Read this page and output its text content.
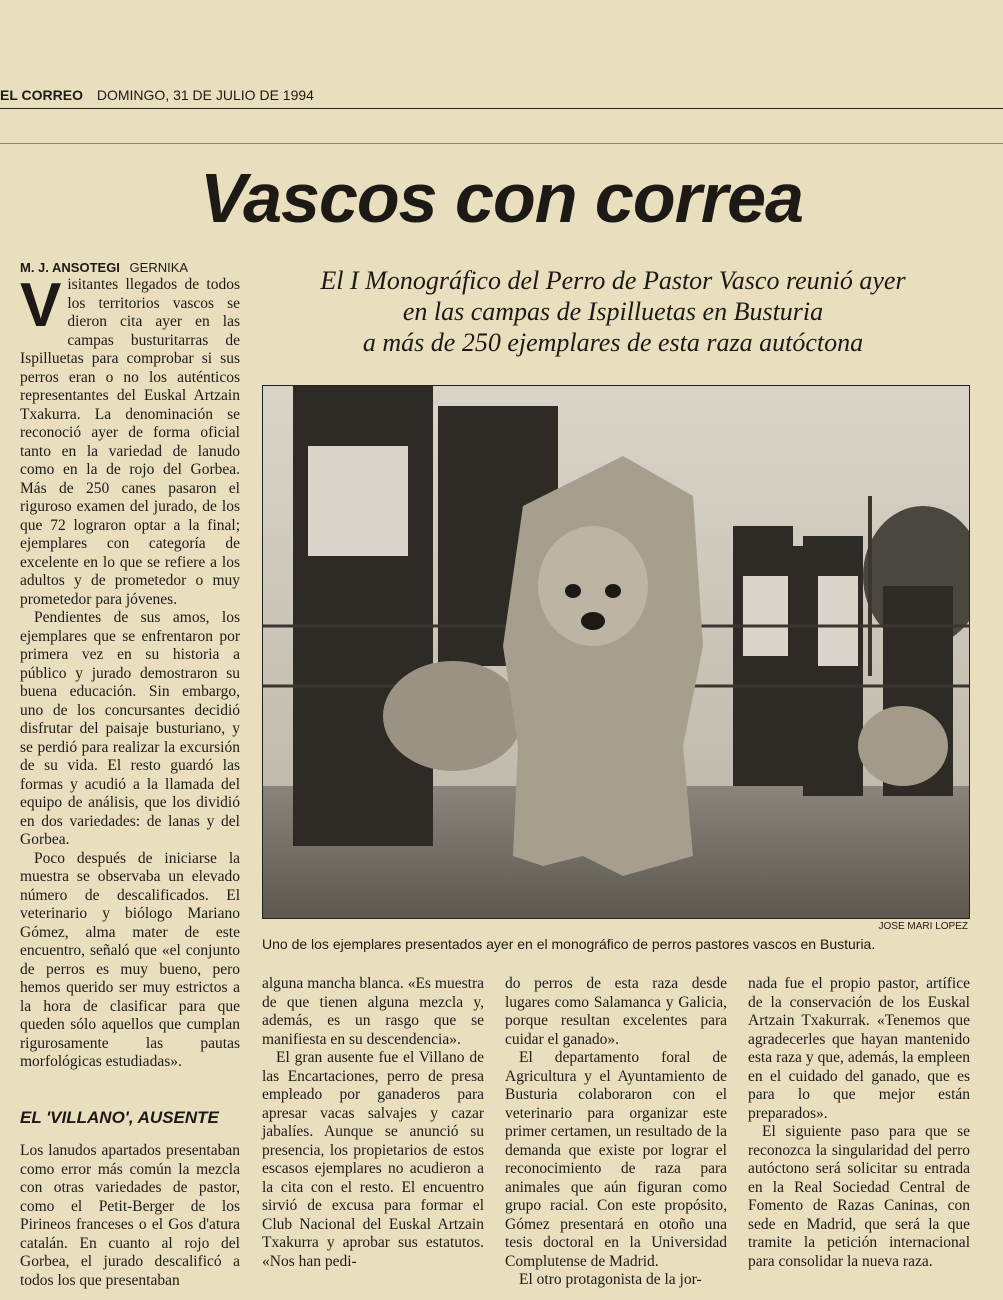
EL CORREO DOMINGO, 31 DE JULIO DE 1994
Vascos con correa
M. J. ANSOTEGI GERNIKA	El I Monográfico del Perro de Pastor Vasco reunió ayer
en las campas de Ispilluetas en Busturia
a más de 250 ejemplares de esta raza autóctona

Visitantes llegados de todos los territorios vascos se dieron cita ayer en las campas busturitarras de Ispilluetas para comprobar si sus perros eran o no los auténticos representantes del Euskal Artzain Txakurra. La denominación se reconoció ayer de forma oficial tanto en la variedad de lanudo como en la de rojo del Gorbea. Más de 250 canes pasaron el riguroso examen del jurado, de los que 72 lograron optar a la final; ejemplares con categoría de excelente en lo que se refiere a los adultos y de prometedor o muy prometedor para jóvenes.

Pendientes de sus amos, los ejemplares que se enfrentaron por primera vez en su historia a público y jurado demostraron su buena educación. Sin embargo, uno de los concursantes decidió disfrutar del paisaje busturiano, y se perdió para realizar la excursión de su vida. El resto guardó las formas y acudió a la llamada del equipo de análisis, que los dividió en dos variedades: de lanas y del Gorbea.

Poco después de iniciarse la muestra se observaba un elevado número de descalificados. El veterinario y biólogo Mariano Gómez, alma mater de este encuentro, señaló que «el conjunto de perros es muy bueno, pero hemos querido ser muy estrictos a la hora de clasificar para que queden sólo aquellos que cumplan rigurosamente las pautas morfológicas estudiadas».

EL 'VILLANO', AUSENTE

Los lanudos apartados presentaban como error más común la mezcla con otras variedades de pastor, como el Petit-Berger de los Pirineos franceses o el Gos d'atura catalán. En cuanto al rojo del Gorbea, el jurado descalificó a todos los que presentaban

JOSE MARI LOPEZ
Uno de los ejemplares presentados ayer en el monográfico de perros pastores vascos en Busturia.

alguna mancha blanca. «Es muestra de que tienen alguna mezcla y, además, es un rasgo que se manifiesta en su descendencia».

El gran ausente fue el Villano de las Encartaciones, perro de presa empleado por ganaderos para apresar vacas salvajes y cazar jabalíes. Aunque se anunció su presencia, los propietarios de estos escasos ejemplares no acudieron a la cita con el resto. El encuentro sirvió de excusa para formar el Club Nacional del Euskal Artzain Txakurra y aprobar sus estatutos. «Nos han pedi-

do perros de esta raza desde lugares como Salamanca y Galicia, porque resultan excelentes para cuidar el ganado».

El departamento foral de Agricultura y el Ayuntamiento de Busturia colaboraron con el veterinario para organizar este primer certamen, un resultado de la demanda que existe por lograr el reconocimiento de raza para animales que aún figuran como grupo racial. Con este propósito, Gómez presentará en otoño una tesis doctoral en la Universidad Complutense de Madrid.

El otro protagonista de la jor-

nada fue el propio pastor, artífice de la conservación de los Euskal Artzain Txakurrak. «Tenemos que agradecerles que hayan mantenido esta raza y que, además, la empleen en el cuidado del ganado, que es para lo que mejor están preparados».

El siguiente paso para que se reconozca la singularidad del perro autóctono será solicitar su entrada en la Real Sociedad Central de Fomento de Razas Caninas, con sede en Madrid, que será la que tramite la petición internacional para consolidar la nueva raza.
